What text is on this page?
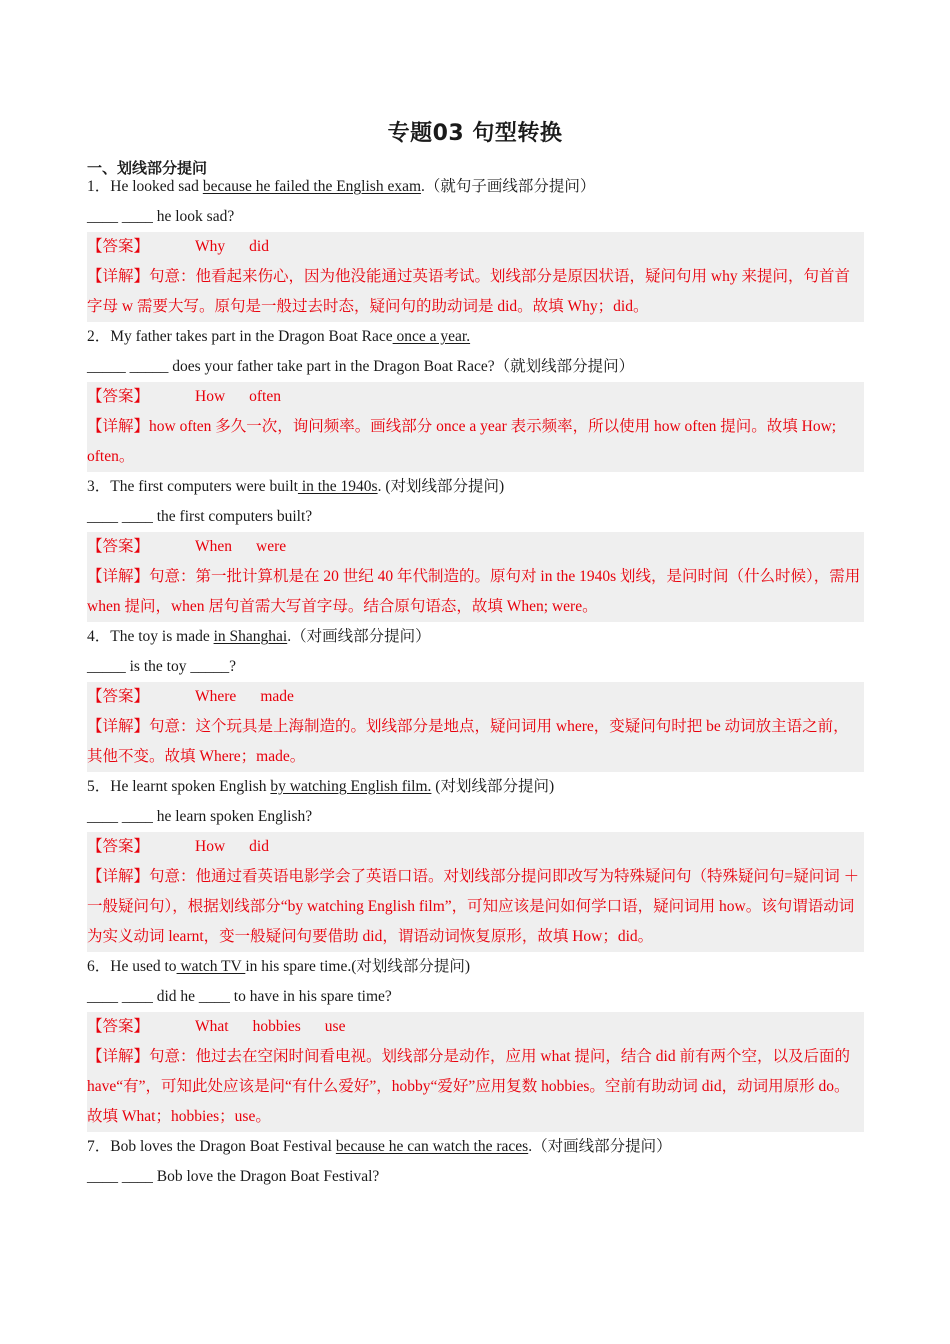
专题03 句型转换
一、划线部分提问
1．He looked sad because he failed the English exam.（就句子画线部分提问）
____ ____ he look sad?
【答案】	Why did
【详解】句意：他看起来伤心，因为他没能通过英语考试。划线部分是原因状语，疑问句用 why 来提问，句首首字母 w 需要大写。原句是一般过去时态，疑问句的助动词是 did。故填 Why；did。
2．My father takes part in the Dragon Boat Race once a year.
_____ _____ does your father take part in the Dragon Boat Race?（就划线部分提问）
【答案】	How often
【详解】how often 多久一次，询问频率。画线部分 once a year 表示频率，所以使用 how often 提问。故填 How; often。
3．The first computers were built in the 1940s. (对划线部分提问)
____ ____ the first computers built?
【答案】	When were
【详解】句意：第一批计算机是在 20 世纪 40 年代制造的。原句对 in the 1940s 划线，是问时间（什么时候），需用 when 提问，when 居句首需大写首字母。结合原句语态，故填 When; were。
4．The toy is made in Shanghai.（对画线部分提问）
_____ is the toy _____?
【答案】	Where made
【详解】句意：这个玩具是上海制造的。划线部分是地点，疑问词用 where，变疑问句时把 be 动词放主语之前，其他不变。故填 Where；made。
5．He learnt spoken English by watching English film. (对划线部分提问)
____ ____ he learn spoken English?
【答案】	How did
【详解】句意：他通过看英语电影学会了英语口语。对划线部分提问即改写为特殊疑问句（特殊疑问句=疑问词 ＋一般疑问句），根据划线部分“by watching English film”，可知应该是问如何学口语，疑问词用 how。该句谓语动词为实义动词 learnt，变一般疑问句要借助 did，谓语动词恢复原形，故填 How；did。
6．He used to watch TV in his spare time.(对划线部分提问)
____ ____ did he ____ to have in his spare time?
【答案】	What hobbies use
【详解】句意：他过去在空闲时间看电视。划线部分是动作，应用 what 提问，结合 did 前有两个空，以及后面的 have“有”，可知此处应该是问“有什么爱好”，hobby“爱好”应用复数 hobbies。空前有助动词 did，动词用原形 do。故填 What；hobbies；use。
7．Bob loves the Dragon Boat Festival because he can watch the races.（对画线部分提问）
____ ____ Bob love the Dragon Boat Festival?
